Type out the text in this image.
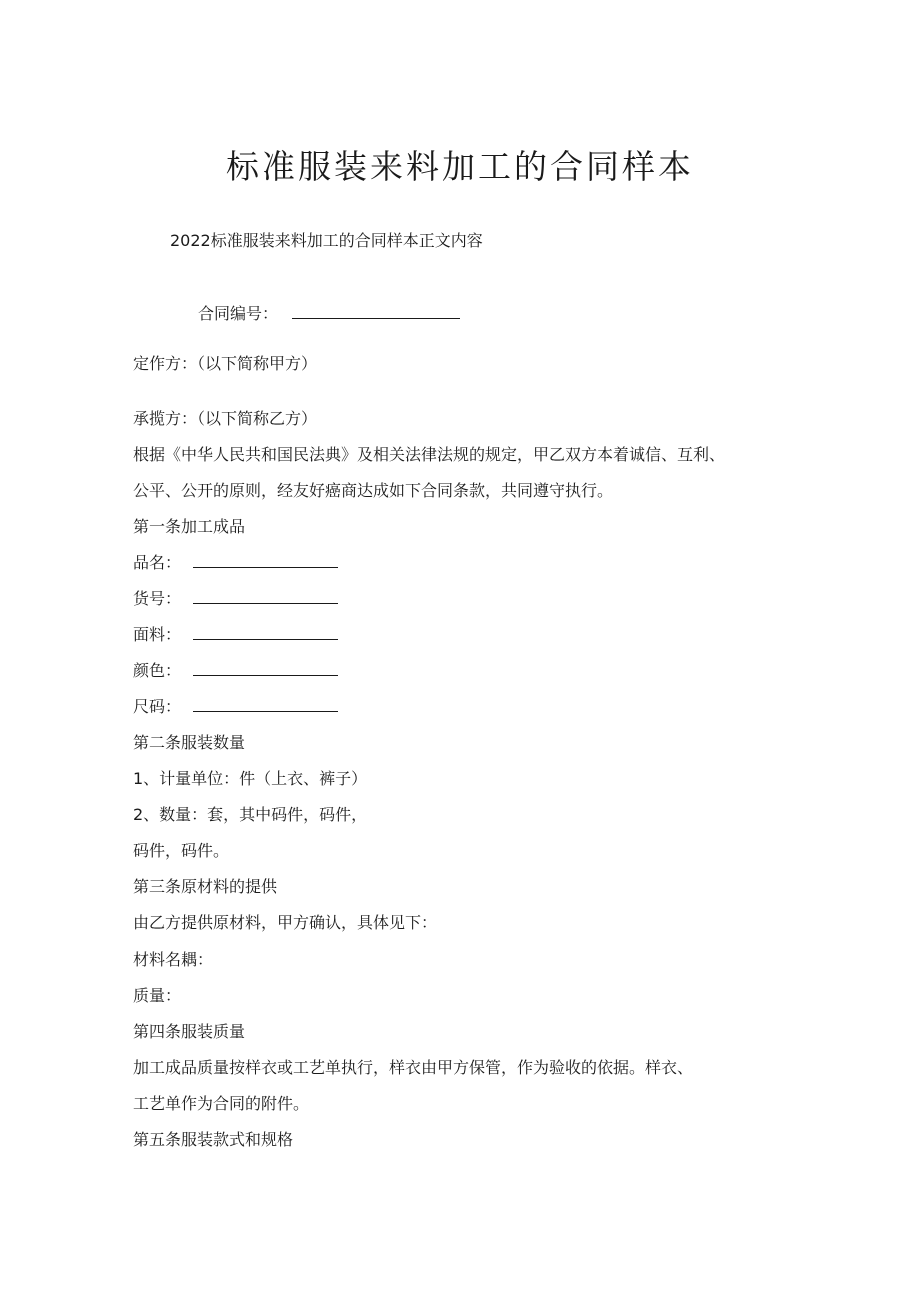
标准服装来料加工的合同样本
2022标准服装来料加工的合同样本正文内容
合同编号：
定作方：（以下简称甲方）
承揽方：（以下简称乙方）
根据《中华人民共和国民法典》及相关法律法规的规定，甲乙双方本着诚信、互利、
公平、公开的原则，经友好癌商达成如下合同条款，共同遵守执行。
第一条加工成品
品名：
货号：
面料：
颜色：
尺码：
第二条服装数量
1、计量单位：件（上衣、裤子）
2、数量：套，其中码件，码件，
码件，码件。
第三条原材料的提供
由乙方提供原材料，甲方确认，具体见下：
材料名耦：
质量：
第四条服装质量
加工成品质量按样衣或工艺单执行，样衣由甲方保管，作为验收的依据。样衣、
工艺单作为合同的附件。
第五条服装款式和规格
